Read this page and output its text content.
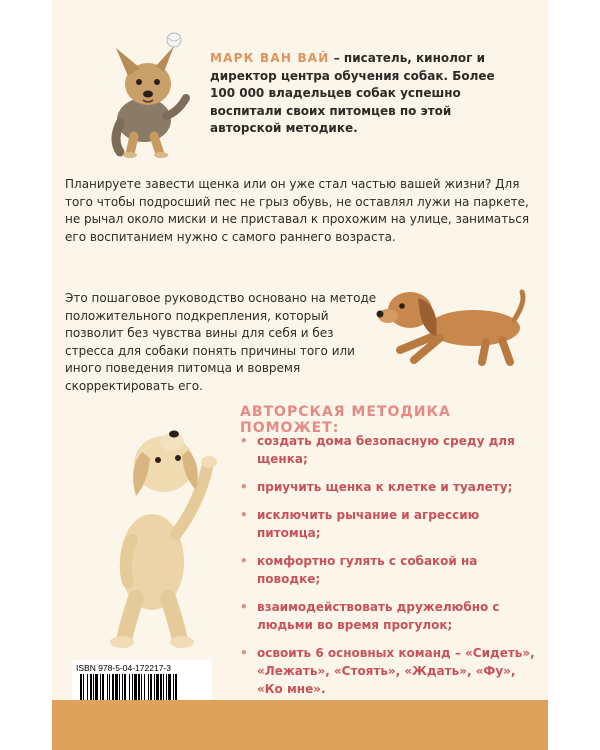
МАРК ВАН ВАЙ – писатель, кинолог и директор центра обучения собак. Более 100 000 владельцев собак успешно воспитали своих питомцев по этой авторской методике.
Планируете завести щенка или он уже стал частью вашей жизни? Для того чтобы подросший пес не грыз обувь, не оставлял лужи на паркете, не рычал около миски и не приставал к прохожим на улице, заниматься его воспитанием нужно с самого раннего возраста.
Это пошаговое руководство основано на методе положительного подкрепления, который позволит без чувства вины для себя и без стресса для собаки понять причины того или иного поведения питомца и вовремя скорректировать его.
АВТОРСКАЯ МЕТОДИКА ПОМОЖЕТ:
• создать дома безопасную среду для щенка;
• приучить щенка к клетке и туалету;
• исключить рычание и агрессию питомца;
• комфортно гулять с собакой на поводке;
• взаимодействовать дружелюбно с людьми во время прогулок;
• освоить 6 основных команд – «Сидеть», «Лежать», «Стоять», «Ждать», «Фу», «Ко мне».
ISBN 978-5-04-172217-3
